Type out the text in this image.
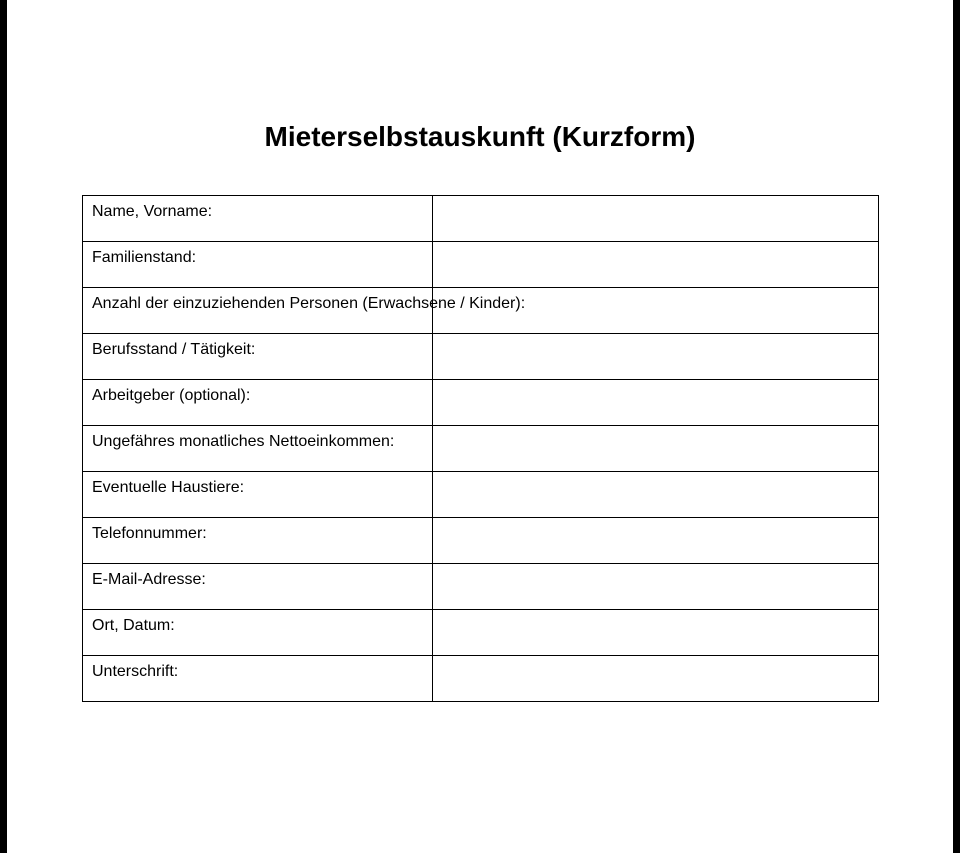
Mieterselbstauskunft (Kurzform)
Name, Vorname:	

Familienstand:	

Anzahl der einzuziehenden Personen (Erwachsene / Kinder):	

Berufsstand / Tätigkeit:	

Arbeitgeber (optional):	

Ungefähres monatliches Nettoeinkommen:	

Eventuelle Haustiere:	

Telefonnummer:	

E-Mail-Adresse:	

Ort, Datum:	

Unterschrift:	
